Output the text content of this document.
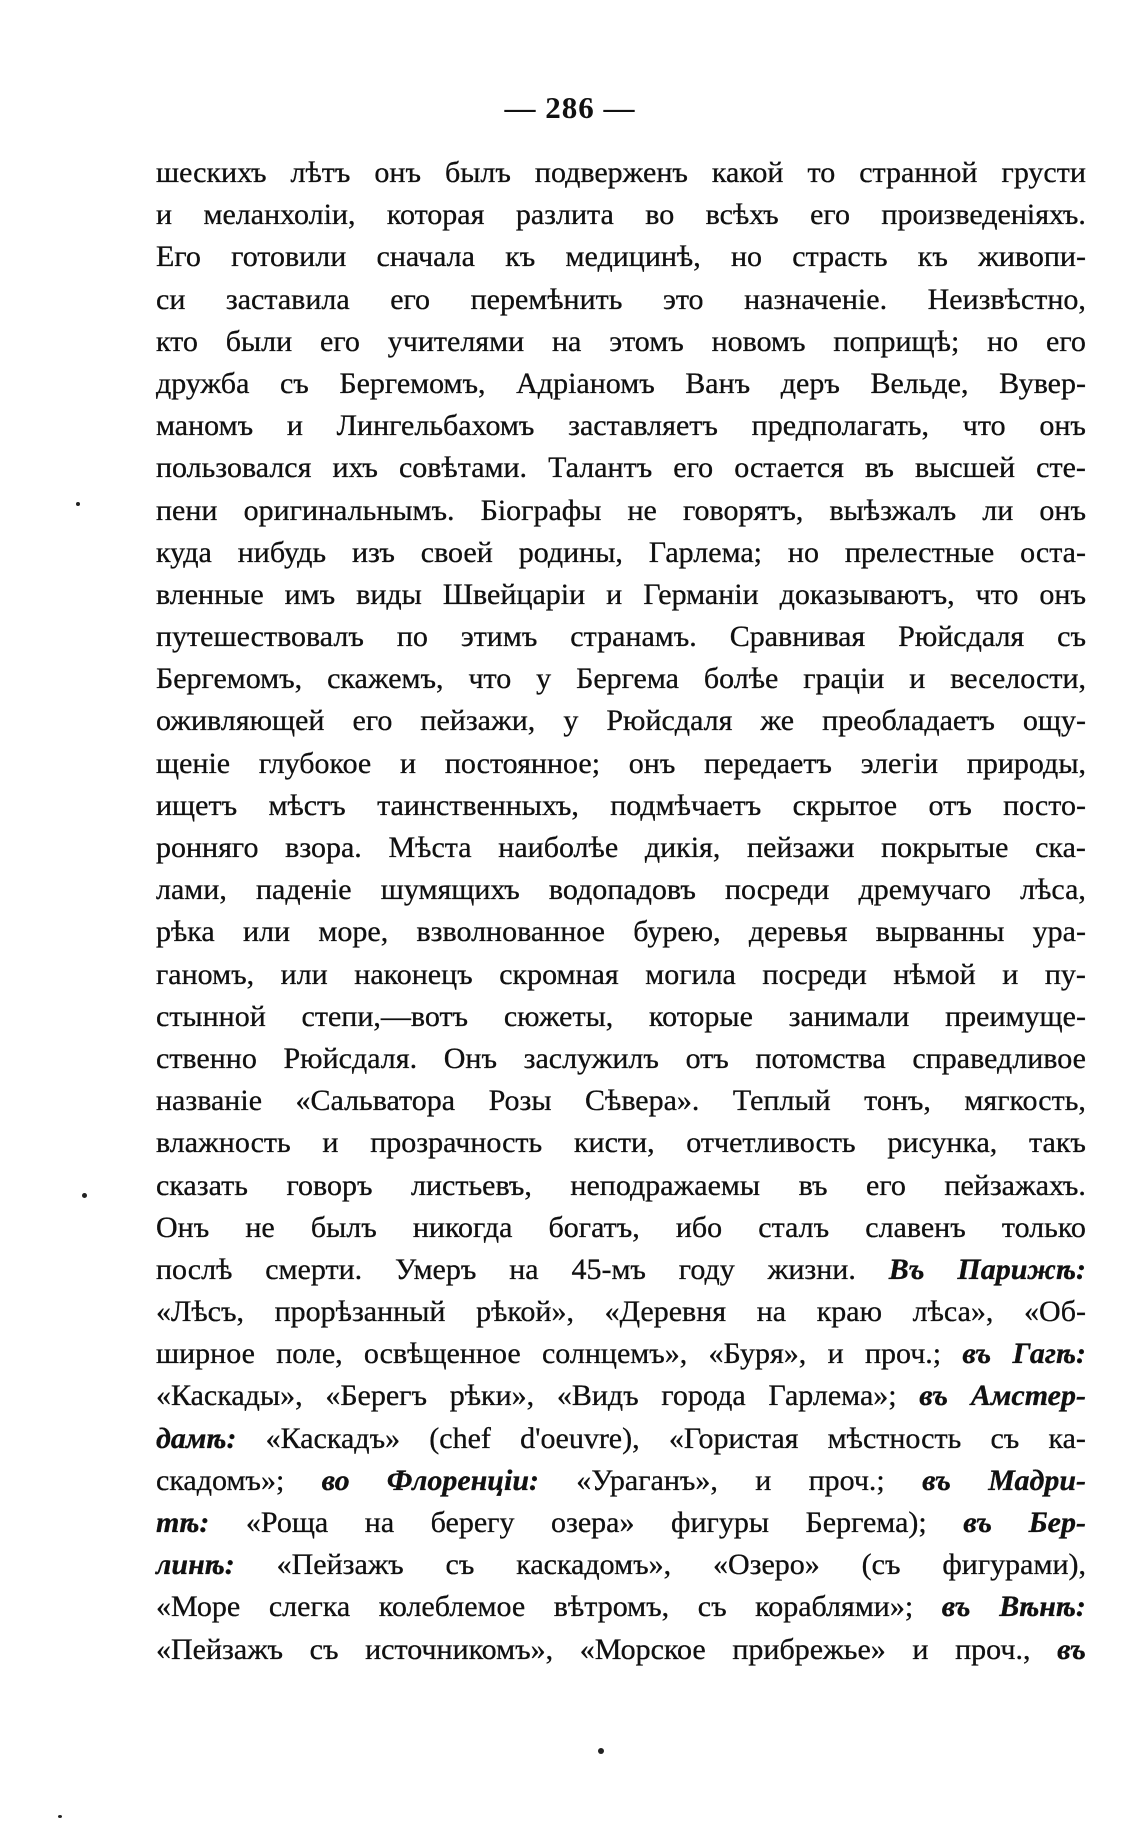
— 286 —
шескихъ лѣтъ онъ былъ подверженъ какой то странной грусти
и меланхоліи, которая разлита во всѣхъ его произведеніяхъ.
Его готовили сначала къ медицинѣ, но страсть къ живопи-
си заставила его перемѣнить это назначеніе. Неизвѣстно,
кто были его учителями на этомъ новомъ поприщѣ; но его
дружба съ Бергемомъ, Адріаномъ Ванъ деръ Вельде, Вувер-
маномъ и Лингельбахомъ заставляетъ предполагать, что онъ
пользовался ихъ совѣтами. Талантъ его остается въ высшей сте-
пени оригинальнымъ. Біографы не говорятъ, выѣзжалъ ли онъ
куда нибудь изъ своей родины, Гарлема; но прелестные оста-
вленные имъ виды Швейцаріи и Германіи доказываютъ, что онъ
путешествовалъ по этимъ странамъ. Сравнивая Рюйсдаля съ
Бергемомъ, скажемъ, что у Бергема болѣе граціи и веселости,
оживляющей его пейзажи, у Рюйсдаля же преобладаетъ ощу-
щеніе глубокое и постоянное; онъ передаетъ элегіи природы,
ищетъ мѣстъ таинственныхъ, подмѣчаетъ скрытое отъ посто-
ронняго взора. Мѣста наиболѣе дикія, пейзажи покрытые ска-
лами, паденіе шумящихъ водопадовъ посреди дремучаго лѣса,
рѣка или море, взволнованное бурею, деревья вырванны ура-
ганомъ, или наконецъ скромная могила посреди нѣмой и пу-
стынной степи,—вотъ сюжеты, которые занимали преимуще-
ственно Рюйсдаля. Онъ заслужилъ отъ потомства справедливое
названіе «Сальватора Розы Сѣвера». Теплый тонъ, мягкость,
влажность и прозрачность кисти, отчетливость рисунка, такъ
сказать говоръ листьевъ, неподражаемы въ его пейзажахъ.
Онъ не былъ никогда богатъ, ибо сталъ славенъ только
послѣ смерти. Умеръ на 45-мъ году жизни. Въ Парижѣ:
«Лѣсъ, прорѣзанный рѣкой», «Деревня на краю лѣса», «Об-
ширное поле, освѣщенное солнцемъ», «Буря», и проч.; въ Гагѣ:
«Каскады», «Берегъ рѣки», «Видъ города Гарлема»; въ Амстер-
дамѣ: «Каскадъ» (chef d'oeuvre), «Гористая мѣстность съ ка-
скадомъ»; во Флоренціи: «Ураганъ», и проч.; въ Мадри-
тѣ: «Роща на берегу озера» фигуры Бергема); въ Бер-
линѣ: «Пейзажъ съ каскадомъ», «Озеро» (съ фигурами),
«Море слегка колеблемое вѣтромъ, съ кораблями»; въ Вѣнѣ:
«Пейзажъ съ источникомъ», «Морское прибрежье» и проч., въ
